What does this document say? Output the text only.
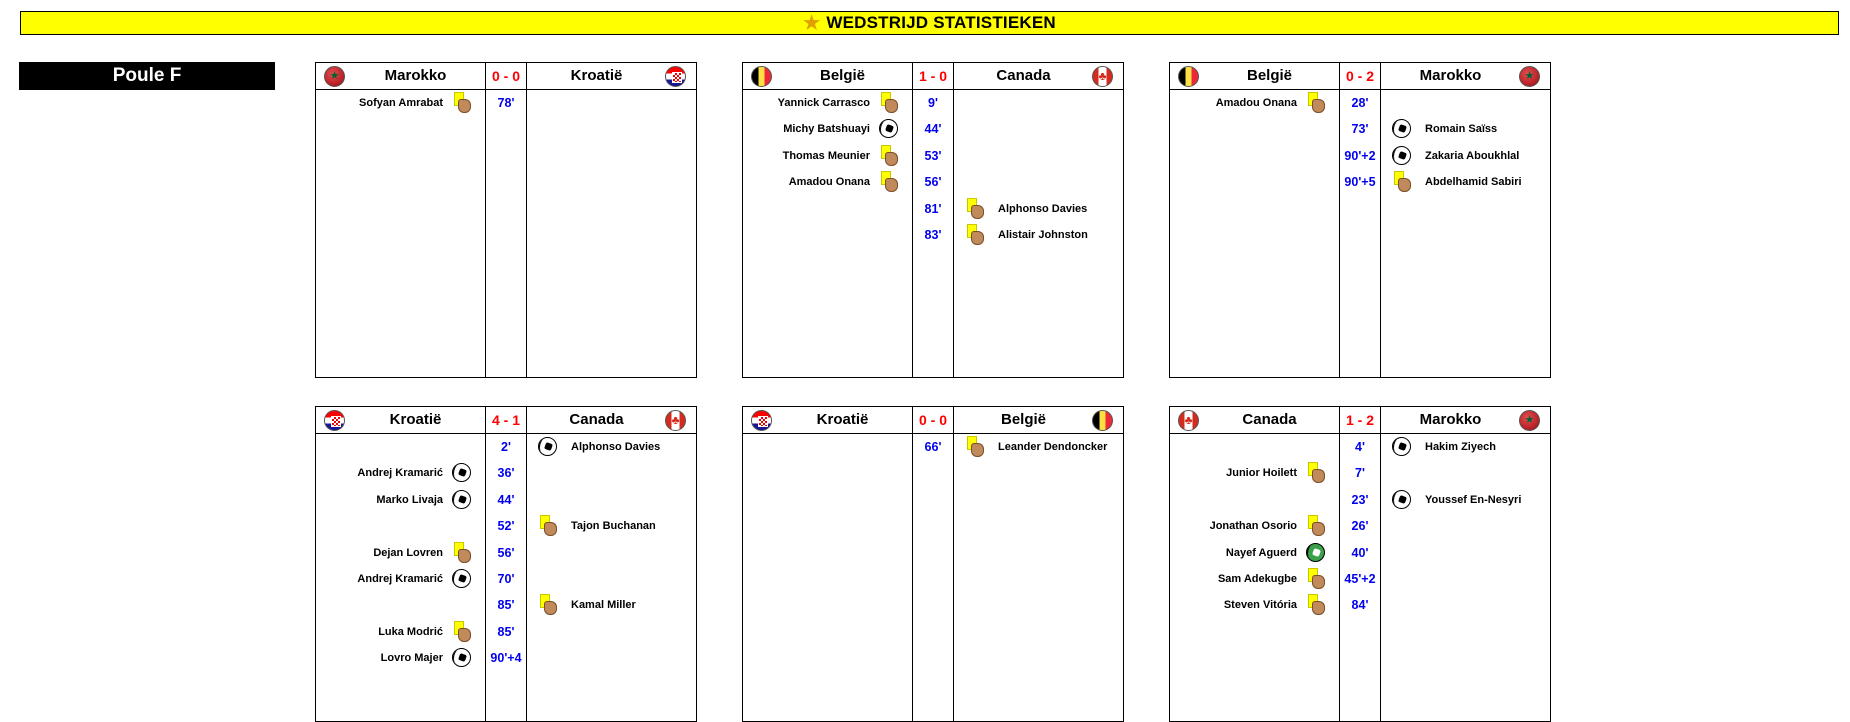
★ WEDSTRIJD STATISTIEKEN
Poule F
★	Marokko	0 - 0	Kroatië
Sofyan Amrabat	78'
België	1 - 0	Canada
♣
Yannick Carrasco
Michy Batshuayi
Thomas Meunier
Amadou Onana
9'
44'
53'
56'
81'
83'
Alphonso Davies
Alistair Johnston
België	0 - 2	Marokko
★
Amadou Onana	28'
73'
90'+2
90'+5
Romain Saïss
Zakaria Aboukhlal
Abdelhamid Sabiri
Kroatië	4 - 1	Canada
♣
Andrej Kramarić
Marko Livaja
Dejan Lovren
Andrej Kramarić
Luka Modrić
Lovro Majer
2'
36'
44'
52'
56'
70'
85'
85'
90'+4
Alphonso Davies
Tajon Buchanan
Kamal Miller
Kroatië	0 - 0	België
66'	Leander Dendoncker
♣
Canada	1 - 2	Marokko
★
Junior Hoilett
Jonathan Osorio
Nayef Aguerd
Sam Adekugbe
Steven Vitória
4'
7'
23'
26'
40'
45'+2
84'
Hakim Ziyech
Youssef En-Nesyri
